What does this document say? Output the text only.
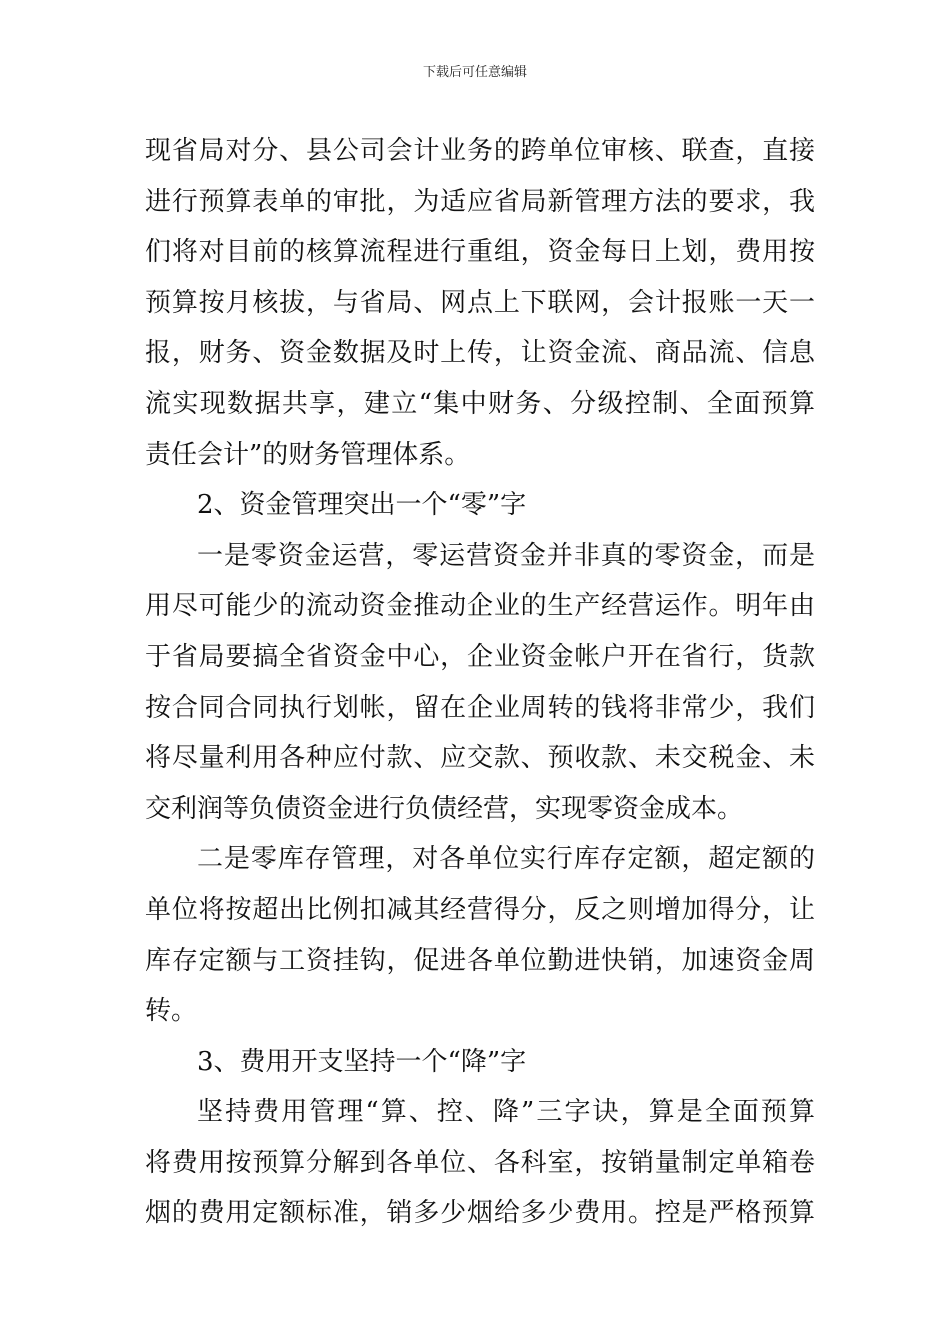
下载后可任意编辑
现省局对分、县公司会计业务的跨单位审核、联查，直接
进行预算表单的审批，为适应省局新管理方法的要求，我
们将对目前的核算流程进行重组，资金每日上划，费用按
预算按月核拔，与省局、网点上下联网，会计报账一天一
报，财务、资金数据及时上传，让资金流、商品流、信息
流实现数据共享，建立“集中财务、分级控制、全面预算
责任会计”的财务管理体系。
2、资金管理突出一个“零”字
一是零资金运营，零运营资金并非真的零资金，而是
用尽可能少的流动资金推动企业的生产经营运作。明年由
于省局要搞全省资金中心，企业资金帐户开在省行，货款
按合同合同执行划帐，留在企业周转的钱将非常少，我们
将尽量利用各种应付款、应交款、预收款、未交税金、未
交利润等负债资金进行负债经营，实现零资金成本。
二是零库存管理，对各单位实行库存定额，超定额的
单位将按超出比例扣减其经营得分，反之则增加得分，让
库存定额与工资挂钩，促进各单位勤进快销，加速资金周
转。
3、费用开支坚持一个“降”字
坚持费用管理“算、控、降”三字诀，算是全面预算
将费用按预算分解到各单位、各科室，按销量制定单箱卷
烟的费用定额标准，销多少烟给多少费用。控是严格预算
